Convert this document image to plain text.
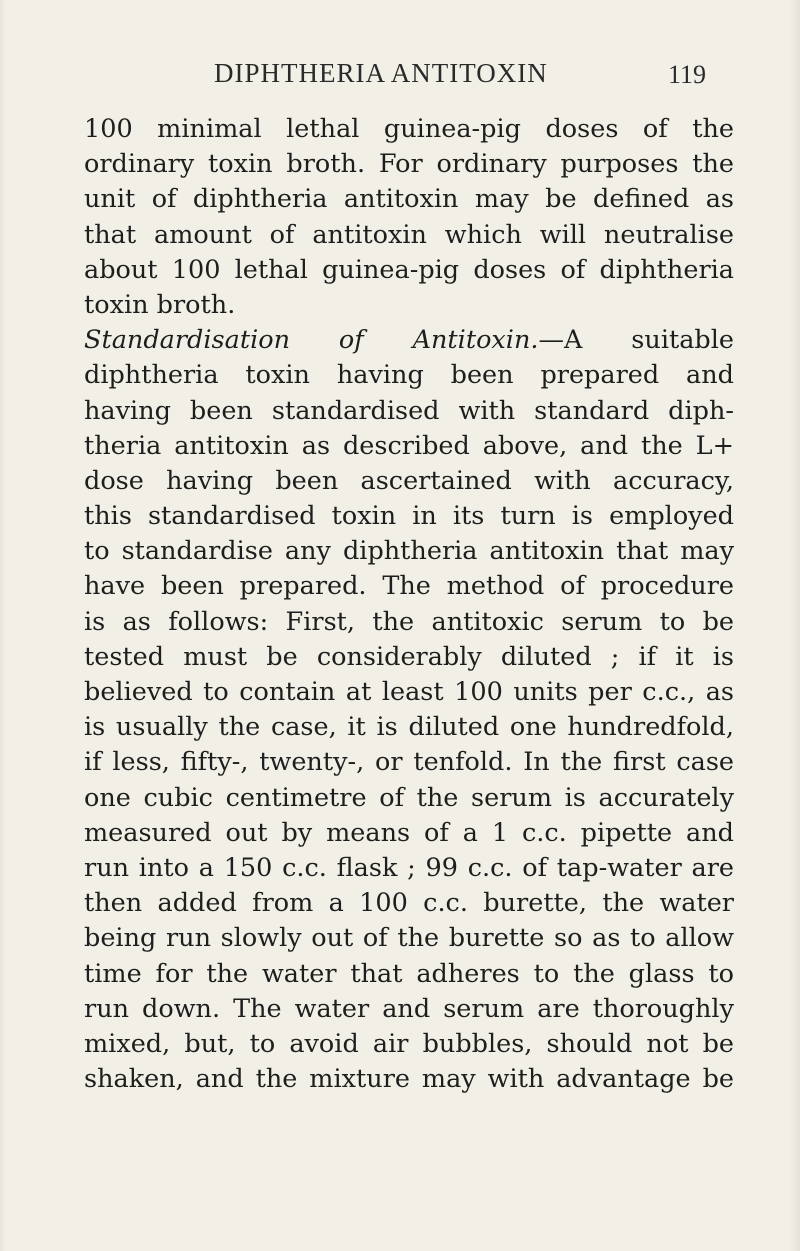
DIPHTHERIA ANTITOXIN	119
100 minimal lethal guinea-pig doses of the
ordinary toxin broth. For ordinary purposes the
unit of diphtheria antitoxin may be defined as
that amount of antitoxin which will neutralise
about 100 lethal guinea-pig doses of diphtheria
toxin broth.
Standardisation of Antitoxin.—A suitable
diphtheria toxin having been prepared and
having been standardised with standard diph-
theria antitoxin as described above, and the L+
dose having been ascertained with accuracy,
this standardised toxin in its turn is employed
to standardise any diphtheria antitoxin that may
have been prepared. The method of procedure
is as follows: First, the antitoxic serum to be
tested must be considerably diluted ; if it is
believed to contain at least 100 units per c.c., as
is usually the case, it is diluted one hundredfold,
if less, fifty-, twenty-, or tenfold. In the first case
one cubic centimetre of the serum is accurately
measured out by means of a 1 c.c. pipette and
run into a 150 c.c. flask ; 99 c.c. of tap-water are
then added from a 100 c.c. burette, the water
being run slowly out of the burette so as to allow
time for the water that adheres to the glass to
run down. The water and serum are thoroughly
mixed, but, to avoid air bubbles, should not be
shaken, and the mixture may with advantage be
